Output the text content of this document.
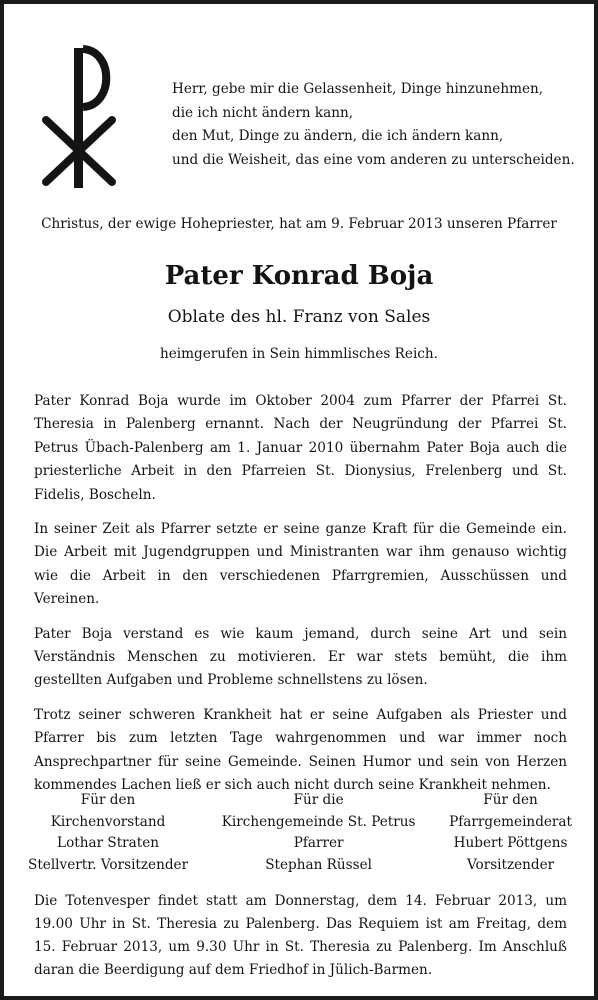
Herr, gebe mir die Gelassenheit, Dinge hinzunehmen,
die ich nicht ändern kann,
den Mut, Dinge zu ändern, die ich ändern kann,
und die Weisheit, das eine vom anderen zu unterscheiden.
Christus, der ewige Hohepriester, hat am 9. Februar 2013 unseren Pfarrer
Pater Konrad Boja
Oblate des hl. Franz von Sales
heimgerufen in Sein himmlisches Reich.

Pater Konrad Boja wurde im Oktober 2004 zum Pfarrer der Pfarrei St. Theresia in Palenberg ernannt. Nach der Neugründung der Pfarrei St. Petrus Übach-Palenberg am 1. Januar 2010 übernahm Pater Boja auch die priesterliche Arbeit in den Pfarreien St. Dionysius, Frelenberg und St. Fidelis, Boscheln.

In seiner Zeit als Pfarrer setzte er seine ganze Kraft für die Gemeinde ein. Die Arbeit mit Jugendgruppen und Ministranten war ihm genauso wichtig wie die Arbeit in den verschiedenen Pfarrgremien, Ausschüssen und Vereinen.

Pater Boja verstand es wie kaum jemand, durch seine Art und sein Verständnis Menschen zu motivieren. Er war stets bemüht, die ihm gestellten Aufgaben und Probleme schnellstens zu lösen.

Trotz seiner schweren Krankheit hat er seine Aufgaben als Priester und Pfarrer bis zum letzten Tage wahrgenommen und war immer noch Ansprechpartner für seine Gemeinde. Seinen Humor und sein von Herzen kommendes Lachen ließ er sich auch nicht durch seine Krankheit nehmen.

Für den
Kirchenvorstand
Lothar Straten
Stellvertr. Vorsitzender
Für die
Kirchengemeinde St. Petrus
Pfarrer
Stephan Rüssel
Für den
Pfarrgemeinderat
Hubert Pöttgens
Vorsitzender

Die Totenvesper findet statt am Donnerstag, dem 14. Februar 2013, um 19.00 Uhr in St. Theresia zu Palenberg. Das Requiem ist am Freitag, dem 15. Februar 2013, um 9.30 Uhr in St. Theresia zu Palenberg. Im Anschluß daran die Beerdigung auf dem Friedhof in Jülich-Barmen.
